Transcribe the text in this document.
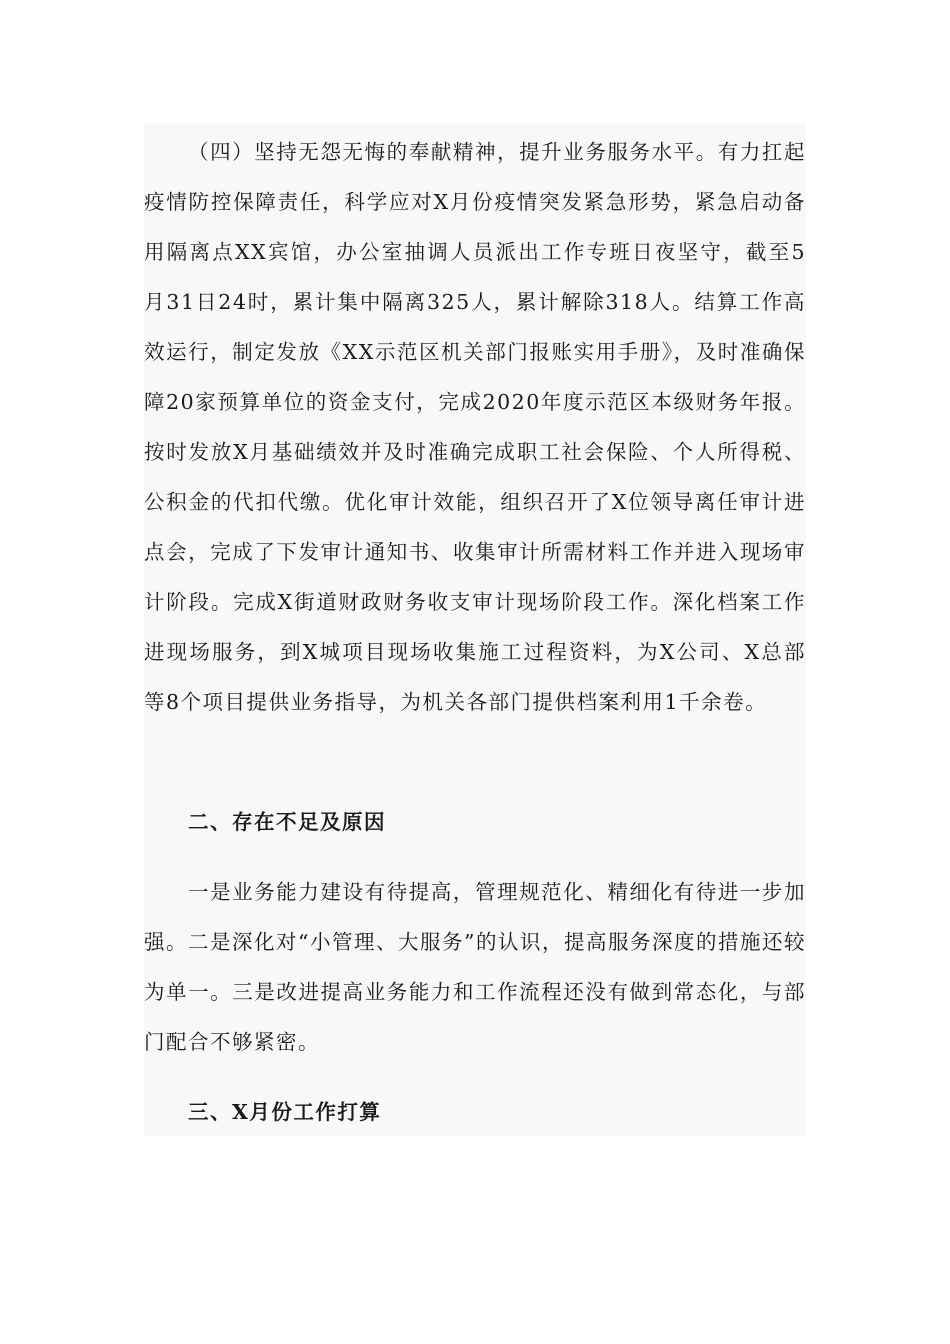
（四）坚持无怨无悔的奉献精神，提升业务服务水平。有力扛起疫情防控保障责任，科学应对X月份疫情突发紧急形势，紧急启动备用隔离点XX宾馆，办公室抽调人员派出工作专班日夜坚守，截至5月31日24时，累计集中隔离325人，累计解除318人。结算工作高效运行，制定发放《XX示范区机关部门报账实用手册》，及时准确保障20家预算单位的资金支付，完成2020年度示范区本级财务年报。按时发放X月基础绩效并及时准确完成职工社会保险、个人所得税、公积金的代扣代缴。优化审计效能，组织召开了X位领导离任审计进点会，完成了下发审计通知书、收集审计所需材料工作并进入现场审计阶段。完成X街道财政财务收支审计现场阶段工作。深化档案工作进现场服务，到X城项目现场收集施工过程资料，为X公司、X总部等8个项目提供业务指导，为机关各部门提供档案利用1千余卷。

二、存在不足及原因

一是业务能力建设有待提高，管理规范化、精细化有待进一步加强。二是深化对“小管理、大服务”的认识，提高服务深度的措施还较为单一。三是改进提高业务能力和工作流程还没有做到常态化，与部门配合不够紧密。

三、X月份工作打算
